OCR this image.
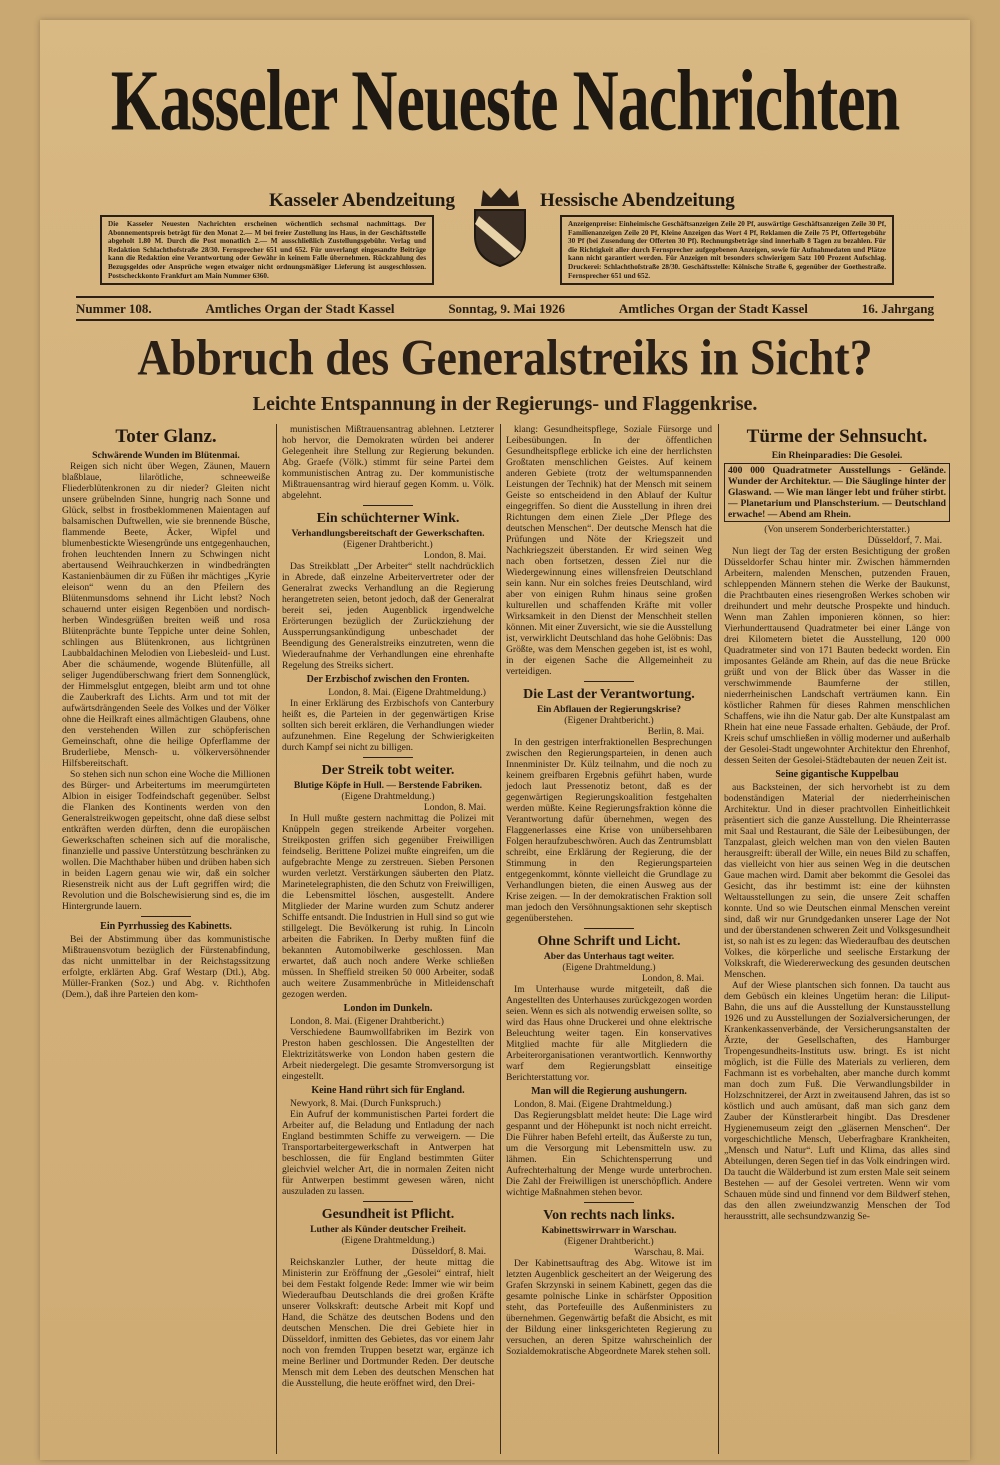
Kasseler Neueste Nachrichten
Kasseler Abendzeitung	Hessische Abendzeitung
Die Kasseler Neuesten Nachrichten erscheinen wöchentlich sechsmal nachmittags. Der Abonnementspreis beträgt für den Monat 2.— M bei freier Zustellung ins Haus, in der Geschäftsstelle abgeholt 1.80 M. Durch die Post monatlich 2.— M ausschließlich Zustellungsgebühr. Verlag und Redaktion Schlachthofstraße 28/30. Fernsprecher 651 und 652. Für unverlangt eingesandte Beiträge kann die Redaktion eine Verantwortung oder Gewähr in keinem Falle übernehmen. Rückzahlung des Bezugsgeldes oder Ansprüche wegen etwaiger nicht ordnungsmäßiger Lieferung ist ausgeschlossen. Postscheckkonto Frankfurt am Main Nummer 6360.
Anzeigenpreise: Einheimische Geschäftsanzeigen Zeile 20 Pf, auswärtige Geschäftsanzeigen Zeile 30 Pf, Familienanzeigen Zeile 20 Pf, Kleine Anzeigen das Wort 4 Pf, Reklamen die Zeile 75 Pf, Offertegebühr 30 Pf (bei Zusendung der Offerten 30 Pf). Rechnungsbeträge sind innerhalb 8 Tagen zu bezahlen. Für die Richtigkeit aller durch Fernsprecher aufgegebenen Anzeigen, sowie für Aufnahmedaten und Plätze kann nicht garantiert werden. Für Anzeigen mit besonders schwierigem Satz 100 Prozent Aufschlag. Druckerei: Schlachthofstraße 28/30. Geschäftsstelle: Kölnische Straße 6, gegenüber der Goethestraße. Fernsprecher 651 und 652.
Nummer 108.	Amtliches Organ der Stadt Kassel	Sonntag, 9. Mai 1926	Amtliches Organ der Stadt Kassel	16. Jahrgang
Abbruch des Generalstreiks in Sicht?
Leichte Entspannung in der Regierungs- und Flaggenkrise.
Toter Glanz.
Schwärende Wunden im Blütenmai.

Reigen sich nicht über Wegen, Zäunen, Mauern blaßblaue, lilarötliche, schneeweiße Fliederblütenkronen zu dir nieder? Gleiten nicht unsere grübelnden Sinne, hungrig nach Sonne und Glück, selbst in frostbeklommenen Maientagen auf balsamischen Duftwellen, wie sie brennende Büsche, flammende Beete, Äcker, Wipfel und blumenbestickte Wiesengründe uns entgegenhauchen, frohen leuchtenden Innern zu Schwingen nicht abertausend Weihrauchkerzen in windbedrängten Kastanienbäumen dir zu Füßen ihr mächtiges „Kyrie eleison“ wenn du an den Pfeilern des Blütenmunsdoms sehnend ihr Licht lebst? Noch schauernd unter eisigen Regenböen und nordisch-herben Windesgrüßen breiten weiß und rosa Blütenprächte bunte Teppiche unter deine Sohlen, schlingen aus Blütenkronen, aus lichtgrünen Laubbaldachinen Melodien von Liebesleid- und Lust. Aber die schäumende, wogende Blütenfülle, all seliger Jugendüberschwang friert dem Sonnenglück, der Himmelsglut entgegen, bleibt arm und tot ohne die Zauberkraft des Lichts. Arm und tot mit der aufwärtsdrängenden Seele des Volkes und der Völker ohne die Heilkraft eines allmächtigen Glaubens, ohne den verstehenden Willen zur schöpferischen Gemeinschaft, ohne die heilige Opferflamme der Bruderliebe, Mensch- u. völkerversöhnender Hilfsbereitschaft.

So stehen sich nun schon eine Woche die Millionen des Bürger- und Arbeitertums im meerumgürteten Albion in eisiger Todfeindschaft gegenüber. Selbst die Flanken des Kontinents werden von den Generalstreikwogen gepeitscht, ohne daß diese selbst entkräften werden dürften, denn die europäischen Gewerkschaften scheinen sich auf die moralische, finanzielle und passive Unterstützung beschränken zu wollen. Die Machthaber hüben und drüben haben sich in beiden Lagern genau wie wir, daß ein solcher Riesenstreik nicht aus der Luft gegriffen wird; die Revolution und die Bolschewisierung sind es, die im Hintergrunde lauern.

Ein Pyrrhussieg des Kabinetts.

Bei der Abstimmung über das kommunistische Mißtrauensvotum bezüglich der Fürstenabfindung, das nicht unmittelbar in der Reichstagssitzung erfolgte, erklärten Abg. Graf Westarp (Dtl.), Abg. Müller-Franken (Soz.) und Abg. v. Richthofen (Dem.), daß ihre Parteien den kom-

munistischen Mißtrauensantrag ablehnen. Letzterer hob hervor, die Demokraten würden bei anderer Gelegenheit ihre Stellung zur Regierung bekunden. Abg. Graefe (Völk.) stimmt für seine Partei dem kommunistischen Antrag zu. Der kommunistische Mißtrauensantrag wird hierauf gegen Komm. u. Völk. abgelehnt.

Ein schüchterner Wink.
Verhandlungsbereitschaft der Gewerkschaften.
(Eigener Drahtbericht.)
London, 8. Mai.

Das Streikblatt „Der Arbeiter“ stellt nachdrücklich in Abrede, daß einzelne Arbeitervertreter oder der Generalrat zwecks Verhandlung an die Regierung herangetreten seien, betont jedoch, daß der Generalrat bereit sei, jeden Augenblick irgendwelche Erörterungen bezüglich der Zurückziehung der Aussperrungsankündigung unbeschadet der Beendigung des Generalstreiks einzutreten, wenn die Wiederaufnahme der Verhandlungen eine ehrenhafte Regelung des Streiks sichert.

Der Erzbischof zwischen den Fronten.
London, 8. Mai. (Eigene Drahtmeldung.)

In einer Erklärung des Erzbischofs von Canterbury heißt es, die Parteien in der gegenwärtigen Krise sollten sich bereit erklären, die Verhandlungen wieder aufzunehmen. Eine Regelung der Schwierigkeiten durch Kampf sei nicht zu billigen.

Der Streik tobt weiter.
Blutige Köpfe in Hull. — Berstende Fabriken.
(Eigene Drahtmeldung.)
London, 8. Mai.

In Hull mußte gestern nachmittag die Polizei mit Knüppeln gegen streikende Arbeiter vorgehen. Streikposten griffen sich gegenüber Freiwilligen feindselig. Berittene Polizei mußte eingreifen, um die aufgebrachte Menge zu zerstreuen. Sieben Personen wurden verletzt. Verstärkungen säuberten den Platz. Marinetelegraphisten, die den Schutz von Freiwilligen, die Lebensmittel löschen, ausgestellt. Andere Mitglieder der Marine wurden zum Schutz anderer Schiffe entsandt. Die Industrien in Hull sind so gut wie stillgelegt. Die Bevölkerung ist ruhig. In Lincoln arbeiten die Fabriken. In Derby mußten fünf die bekannten Automobilwerke geschlossen. Man erwartet, daß auch noch andere Werke schließen müssen. In Sheffield streiken 50 000 Arbeiter, sodaß auch weitere Zusammenbrüche in Mitleidenschaft gezogen werden.

London im Dunkeln.

London, 8. Mai. (Eigener Drahtbericht.)

Verschiedene Baumwollfabriken im Bezirk von Preston haben geschlossen. Die Angestellten der Elektrizitätswerke von London haben gestern die Arbeit niedergelegt. Die gesamte Stromversorgung ist eingestellt.

Keine Hand rührt sich für England.

Newyork, 8. Mai. (Durch Funkspruch.)

Ein Aufruf der kommunistischen Partei fordert die Arbeiter auf, die Beladung und Entladung der nach England bestimmten Schiffe zu verweigern. — Die Transportarbeitergewerkschaft in Antwerpen hat beschlossen, die für England bestimmten Güter gleichviel welcher Art, die in normalen Zeiten nicht für Antwerpen bestimmt gewesen wären, nicht auszuladen zu lassen.

Gesundheit ist Pflicht.
Luther als Künder deutscher Freiheit.
(Eigene Drahtmeldung.)
Düsseldorf, 8. Mai.

Reichskanzler Luther, der heute mittag die Ministerin zur Eröffnung der „Gesolei“ eintraf, hielt bei dem Festakt folgende Rede: Immer wie wir beim Wiederaufbau Deutschlands die drei großen Kräfte unserer Volkskraft: deutsche Arbeit mit Kopf und Hand, die Schätze des deutschen Bodens und den deutschen Menschen. Die drei Gebiete hier in Düsseldorf, inmitten des Gebietes, das vor einem Jahr noch von fremden Truppen besetzt war, ergänze ich meine Berliner und Dortmunder Reden. Der deutsche Mensch mit dem Leben des deutschen Menschen hat die Ausstellung, die heute eröffnet wird, den Drei-

klang: Gesundheitspflege, Soziale Fürsorge und Leibesübungen. In der öffentlichen Gesundheitspflege erblicke ich eine der herrlichsten Großtaten menschlichen Geistes. Auf keinem anderen Gebiete (trotz der weltumspannenden Leistungen der Technik) hat der Mensch mit seinem Geiste so entscheidend in den Ablauf der Kultur eingegriffen. So dient die Ausstellung in ihren drei Richtungen dem einen Ziele „Der Pflege des deutschen Menschen“. Der deutsche Mensch hat die Prüfungen und Nöte der Kriegszeit und Nachkriegszeit überstanden. Er wird seinen Weg nach oben fortsetzen, dessen Ziel nur die Wiedergewinnung eines willensfreien Deutschland sein kann. Nur ein solches freies Deutschland, wird aber von einigen Ruhm hinaus seine großen kulturellen und schaffenden Kräfte mit voller Wirksamkeit in den Dienst der Menschheit stellen können. Mit einer Zuversicht, wie sie die Ausstellung ist, verwirklicht Deutschland das hohe Gelöbnis: Das Größte, was dem Menschen gegeben ist, ist es wohl, in der eigenen Sache die Allgemeinheit zu verteidigen.

Die Last der Verantwortung.
Ein Abflauen der Regierungskrise?
(Eigener Drahtbericht.)
Berlin, 8. Mai.

In den gestrigen interfraktionellen Besprechungen zwischen den Regierungsparteien, in denen auch Innenminister Dr. Külz teilnahm, und die noch zu keinem greifbaren Ergebnis geführt haben, wurde jedoch laut Pressenotiz betont, daß es der gegenwärtigen Regierungskoalition festgehalten werden müßte. Keine Regierungsfraktion könne die Verantwortung dafür übernehmen, wegen des Flaggenerlasses eine Krise von unübersehbaren Folgen heraufzubeschwören. Auch das Zentrumsblatt schreibt, eine Erklärung der Regierung, die der Stimmung in den Regierungsparteien entgegenkommt, könnte vielleicht die Grundlage zu Verhandlungen bieten, die einen Ausweg aus der Krise zeigen. — In der demokratischen Fraktion soll man jedoch den Versöhnungsaktionen sehr skeptisch gegenüberstehen.

Ohne Schrift und Licht.
Aber das Unterhaus tagt weiter.
(Eigene Drahtmeldung.)
London, 8. Mai.

Im Unterhause wurde mitgeteilt, daß die Angestellten des Unterhauses zurückgezogen worden seien. Wenn es sich als notwendig erweisen sollte, so wird das Haus ohne Druckerei und ohne elektrische Beleuchtung weiter tagen. Ein konservatives Mitglied machte für alle Mitgliedern die Arbeiterorganisationen verantwortlich. Kennworthy warf dem Regierungsblatt einseitige Berichterstattung vor.

Man will die Regierung aushungern.

London, 8. Mai. (Eigene Drahtmeldung.)

Das Regierungsblatt meldet heute: Die Lage wird gespannt und der Höhepunkt ist noch nicht erreicht. Die Führer haben Befehl erteilt, das Äußerste zu tun, um die Versorgung mit Lebensmitteln usw. zu lähmen. Ein Schichtensperrung und Aufrechterhaltung der Menge wurde unterbrochen. Die Zahl der Freiwilligen ist unerschöpflich. Andere wichtige Maßnahmen stehen bevor.

Von rechts nach links.
Kabinettswirrwarr in Warschau.
(Eigener Drahtbericht.)
Warschau, 8. Mai.

Der Kabinettsauftrag des Abg. Witowe ist im letzten Augenblick gescheitert an der Weigerung des Grafen Skrzynski in seinem Kabinett, gegen das die gesamte polnische Linke in schärfster Opposition steht, das Portefeuille des Außenministers zu übernehmen. Gegenwärtig befaßt die Absicht, es mit der Bildung einer linksgerichteten Regierung zu versuchen, an deren Spitze wahrscheinlich der Sozialdemokratische Abgeordnete Marek stehen soll.

Türme der Sehnsucht.
Ein Rheinparadies: Die Gesolei.
400 000 Quadratmeter Ausstellungs - Gelände. Wunder der Architektur. — Die Säuglinge hinter der Glaswand. — Wie man länger lebt und früher stirbt. — Planetarium und Planschsterium. — Deutschland erwache! — Abend am Rhein.
(Von unserem Sonderberichterstatter.)
Düsseldorf, 7. Mai.

Nun liegt der Tag der ersten Besichtigung der großen Düsseldorfer Schau hinter mir. Zwischen hämmernden Arbeitern, malenden Menschen, putzenden Frauen, schleppenden Männern stehen die Werke der Baukunst, die Prachtbauten eines riesengroßen Werkes schoben wir dreihundert und mehr deutsche Prospekte und hinduch. Wenn man Zahlen imponieren können, so hier: Vierhunderttausend Quadratmeter bei einer Länge von drei Kilometern bietet die Ausstellung, 120 000 Quadratmeter sind von 171 Bauten bedeckt worden. Ein imposantes Gelände am Rhein, auf das die neue Brücke grüßt und von der Blick über das Wasser in die verschwimmende Baumferne der stillen, niederrheinischen Landschaft verträumen kann. Ein köstlicher Rahmen für dieses Rahmen menschlichen Schaffens, wie ihn die Natur gab. Der alte Kunstpalast am Rhein hat eine neue Fassade erhalten. Gebäude, der Prof. Kreis schuf umschließen in völlig moderner und außerhalb der Gesolei-Stadt ungewohnter Architektur den Ehrenhof, dessen Seiten der Gesolei-Städtebauten der neuen Zeit ist.

Seine gigantische Kuppelbau

aus Backsteinen, der sich hervorhebt ist zu dem bodenständigen Material der niederrheinischen Architektur. Und in dieser prachtvollen Einheitlichkeit präsentiert sich die ganze Ausstellung. Die Rheinterrasse mit Saal und Restaurant, die Säle der Leibesübungen, der Tanzpalast, gleich welchen man von den vielen Bauten herausgreift: überall der Wille, ein neues Bild zu schaffen, das vielleicht von hier aus seinen Weg in die deutschen Gaue machen wird. Damit aber bekommt die Gesolei das Gesicht, das ihr bestimmt ist: eine der kühnsten Weltausstellungen zu sein, die unsere Zeit schaffen konnte. Und so wie Deutschen einmal Menschen vereint sind, daß wir nur Grundgedanken unserer Lage der Not und der überstandenen schweren Zeit und Volksgesundheit ist, so nah ist es zu legen: das Wiederaufbau des deutschen Volkes, die körperliche und seelische Erstarkung der Volkskraft, die Wiedererweckung des gesunden deutschen Menschen.

Auf der Wiese plantschen sich fonnen. Da taucht aus dem Gebüsch ein kleines Ungetüm heran: die Liliput-Bahn, die uns auf die Ausstellung der Kunstausstellung 1926 und zu Ausstellungen der Sozialversicherungen, der Krankenkassenverbände, der Versicherungsanstalten der Ärzte, der Gesellschaften, des Hamburger Tropengesundheits-Instituts usw. bringt. Es ist nicht möglich, ist die Fülle des Materials zu verlieren, dem Fachmann ist es vorbehalten, aber manche durch kommt man doch zum Fuß. Die Verwandlungsbilder in Holzschnitzerei, der Arzt in zweitausend Jahren, das ist so köstlich und auch amüsant, daß man sich ganz dem Zauber der Künstlerarbeit hingibt. Das Dresdener Hygienemuseum zeigt den „gläsernen Menschen“. Der vorgeschichtliche Mensch, Ueberfragbare Krankheiten, „Mensch und Natur“. Luft und Klima, das alles sind Abteilungen, deren Segen tief in das Volk eindringen wird. Da taucht die Wälderbund ist zum ersten Male seit seinem Bestehen — auf der Gesolei vertreten. Wenn wir vom Schauen müde sind und finnend vor dem Bildwerf stehen, das den allen zweiundzwanzig Menschen der Tod herausstritt, alle sechsundzwanzig Se-
